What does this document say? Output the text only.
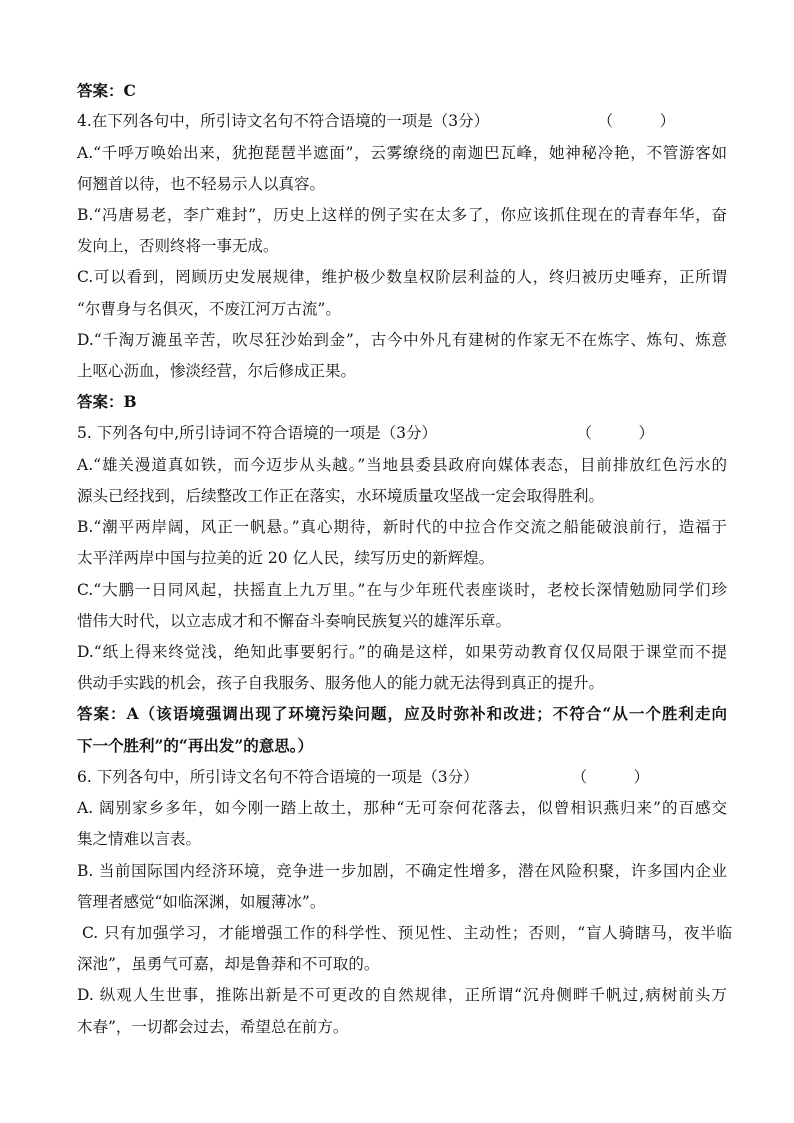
答案：C
4.在下列各句中，所引诗文名句不符合语境的一项是（3分）　　　　　　　　（　　　）
A.“千呼万唤始出来，犹抱琵琶半遮面”，云雾缭绕的南迦巴瓦峰，她神秘冷艳，不管游客如
何翘首以待，也不轻易示人以真容。
B.“冯唐易老，李广难封”，历史上这样的例子实在太多了，你应该抓住现在的青春年华，奋
发向上，否则终将一事无成。
C.可以看到，罔顾历史发展规律，维护极少数皇权阶层利益的人，终归被历史唾弃，正所谓
“尔曹身与名俱灭，不废江河万古流”。
D.“千淘万漉虽辛苦，吹尽狂沙始到金”，古今中外凡有建树的作家无不在炼字、炼句、炼意
上呕心沥血，惨淡经营，尔后修成正果。
答案：B
5. 下列各句中,所引诗词不符合语境的一项是（3分）　　　　　　　　　　（　　　）
A.“雄关漫道真如铁，而今迈步从头越。”当地县委县政府向媒体表态，目前排放红色污水的
源头已经找到，后续整改工作正在落实，水环境质量攻坚战一定会取得胜利。
B.“潮平两岸阔，风正一帆悬。”真心期待，新时代的中拉合作交流之船能破浪前行，造福于
太平洋两岸中国与拉美的近 20 亿人民，续写历史的新辉煌。
C.“大鹏一日同风起，扶摇直上九万里。”在与少年班代表座谈时，老校长深情勉励同学们珍
惜伟大时代，以立志成才和不懈奋斗奏响民族复兴的雄浑乐章。
D.“纸上得来终觉浅，绝知此事要躬行。”的确是这样，如果劳动教育仅仅局限于课堂而不提
供动手实践的机会，孩子自我服务、服务他人的能力就无法得到真正的提升。
答案：A（该语境强调出现了环境污染问题，应及时弥补和改进；不符合“从一个胜利走向
下一个胜利”的“再出发”的意思。）
6. 下列各句中，所引诗文名句不符合语境的一项是（3分）　　　　　　　（　　　）
A. 阔别家乡多年，如今刚一踏上故土，那种“无可奈何花落去，似曾相识燕归来”的百感交
集之情难以言表。
B. 当前国际国内经济环境，竞争进一步加剧，不确定性增多，潜在风险积聚，许多国内企业
管理者感觉“如临深渊，如履薄冰”。
C. 只有加强学习，才能增强工作的科学性、预见性、主动性；否则，“盲人骑瞎马，夜半临
深池”，虽勇气可嘉，却是鲁莽和不可取的。
D. 纵观人生世事，推陈出新是不可更改的自然规律，正所谓“沉舟侧畔千帆过,病树前头万
木春”，一切都会过去，希望总在前方。
